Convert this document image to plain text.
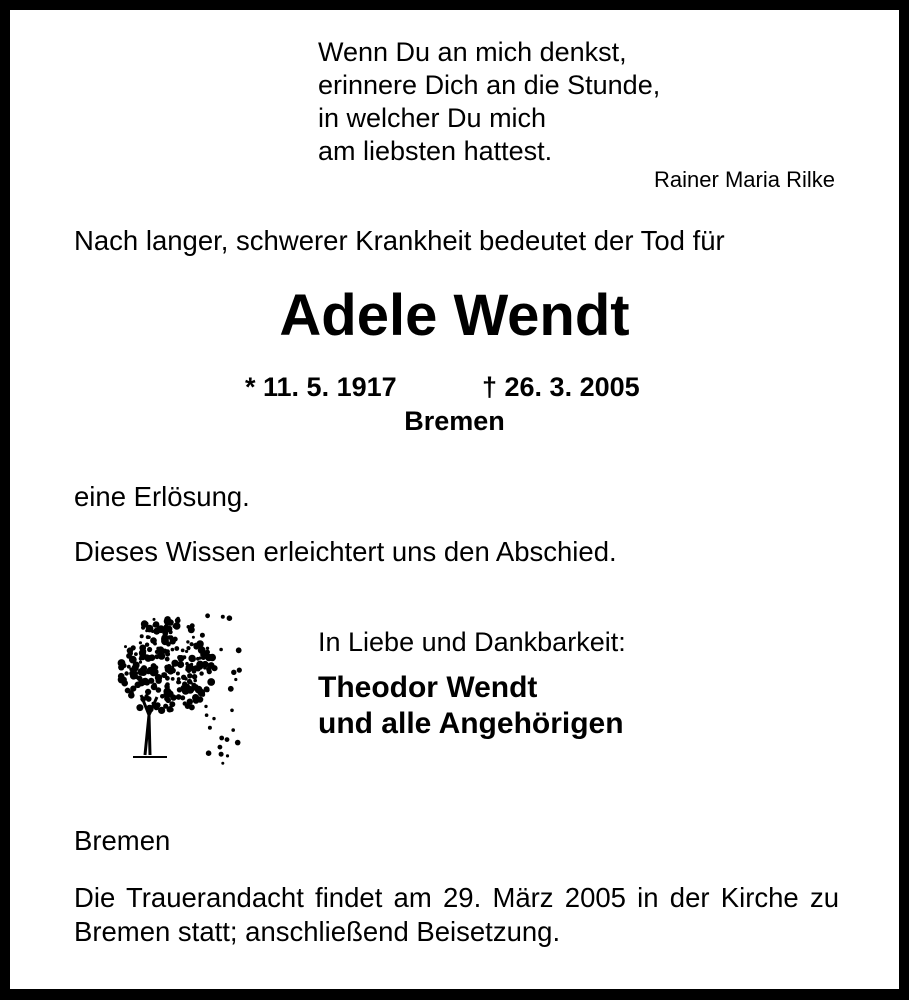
Wenn Du an mich denkst,
erinnere Dich an die Stunde,
in welcher Du mich
am liebsten hattest.
Rainer Maria Rilke
Nach langer, schwerer Krankheit bedeutet der Tod für
Adele Wendt
* 11. 5. 1917	† 26. 3. 2005
Bremen
eine Erlösung.
Dieses Wissen erleichtert uns den Abschied.
In Liebe und Dankbarkeit:
Theodor Wendt
und alle Angehörigen
Bremen
Die Trauerandacht findet am 29. März 2005 in der Kirche zu Bremen statt; anschließend Beisetzung.
